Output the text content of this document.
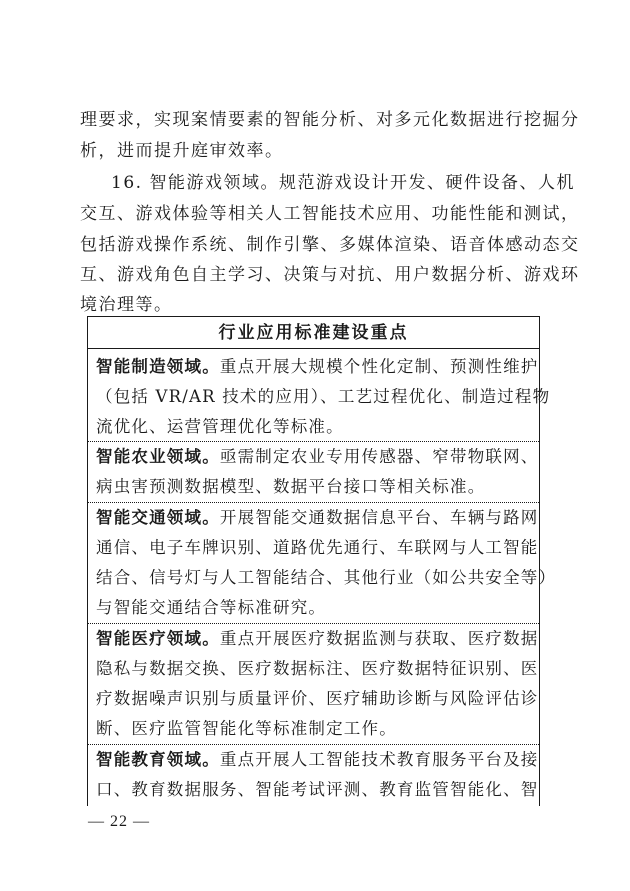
理要求，实现案情要素的智能分析、对多元化数据进行挖掘分
析，进而提升庭审效率。
16. 智能游戏领域。规范游戏设计开发、硬件设备、人机
交互、游戏体验等相关人工智能技术应用、功能性能和测试，
包括游戏操作系统、制作引擎、多媒体渲染、语音体感动态交
互、游戏角色自主学习、决策与对抗、用户数据分析、游戏环
境治理等。
行业应用标准建设重点
智能制造领域。重点开展大规模个性化定制、预测性维护
（包括 VR/AR 技术的应用）、工艺过程优化、制造过程物
流优化、运营管理优化等标准。
智能农业领域。亟需制定农业专用传感器、窄带物联网、
病虫害预测数据模型、数据平台接口等相关标准。
智能交通领域。开展智能交通数据信息平台、车辆与路网
通信、电子车牌识别、道路优先通行、车联网与人工智能
结合、信号灯与人工智能结合、其他行业（如公共安全等）
与智能交通结合等标准研究。
智能医疗领域。重点开展医疗数据监测与获取、医疗数据
隐私与数据交换、医疗数据标注、医疗数据特征识别、医
疗数据噪声识别与质量评价、医疗辅助诊断与风险评估诊
断、医疗监管智能化等标准制定工作。
智能教育领域。重点开展人工智能技术教育服务平台及接
口、教育数据服务、智能考试评测、教育监管智能化、智
— 22 —
